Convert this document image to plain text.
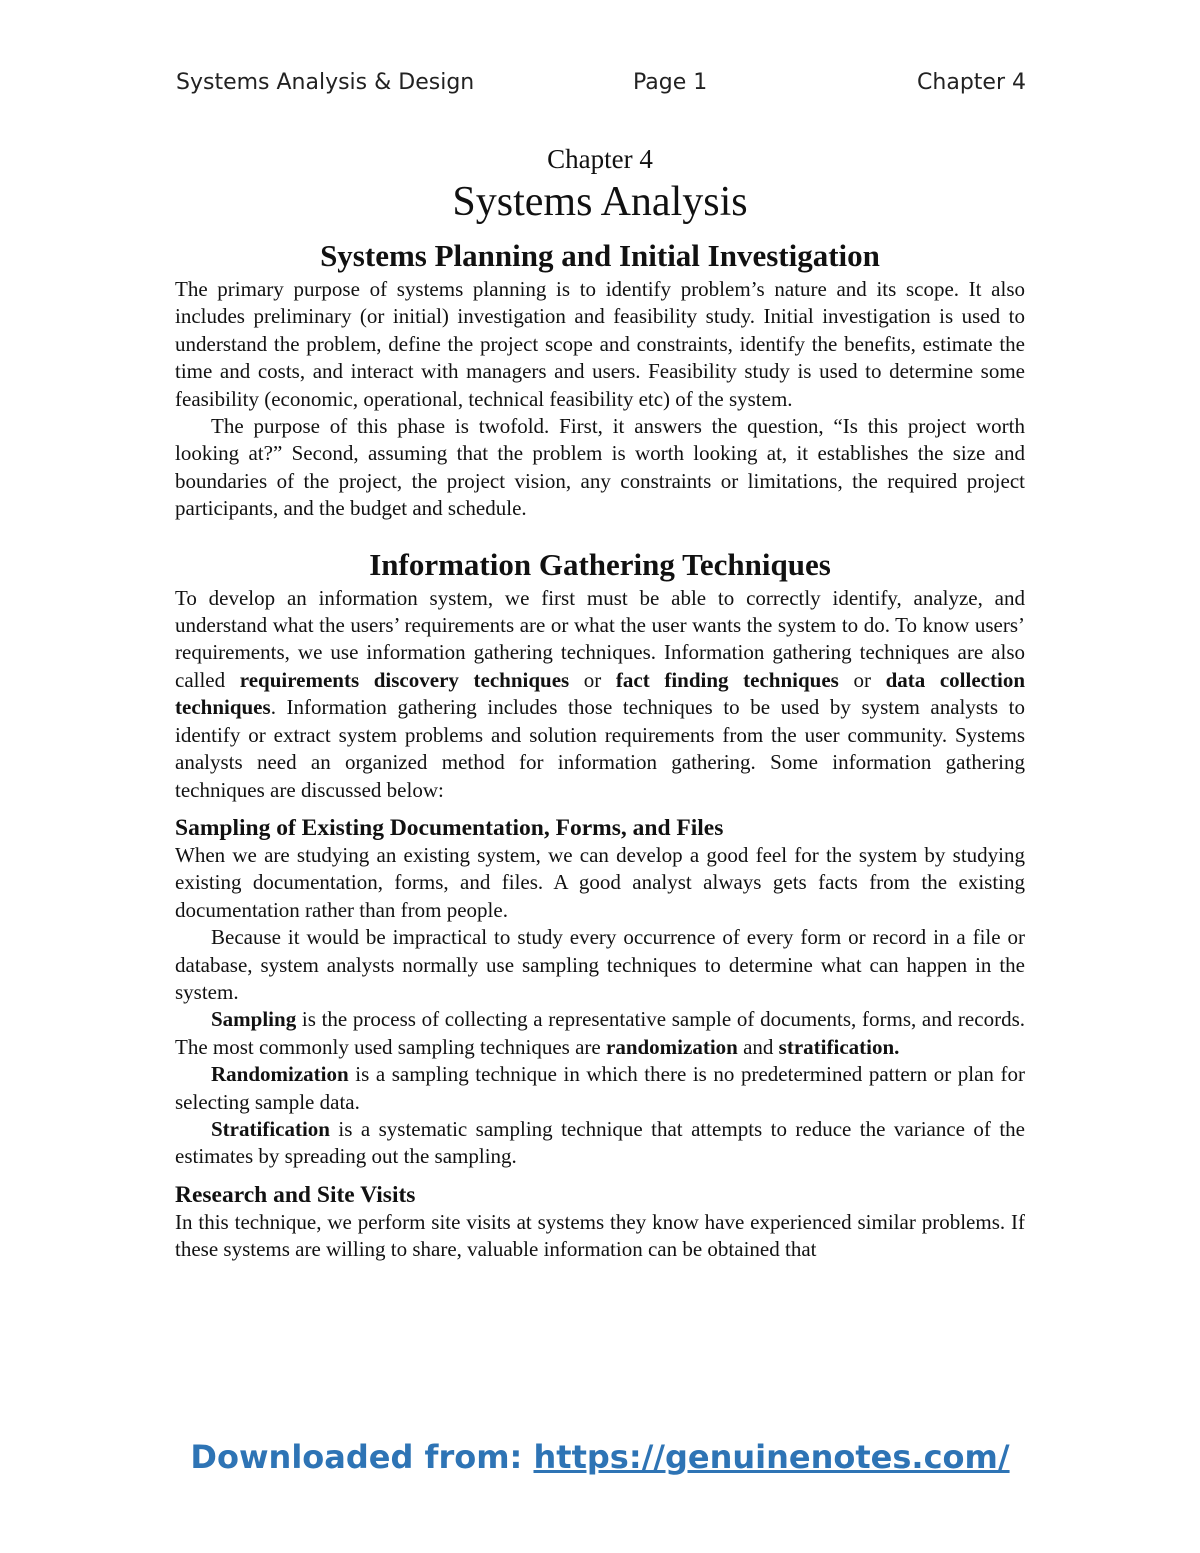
Systems Analysis & Design	Page 1	Chapter 4
Chapter 4
Systems Analysis
Systems Planning and Initial Investigation

The primary purpose of systems planning is to identify problem’s nature and its scope. It also includes preliminary (or initial) investigation and feasibility study. Initial investigation is used to understand the problem, define the project scope and constraints, identify the benefits, estimate the time and costs, and interact with managers and users. Feasibility study is used to determine some feasibility (economic, operational, technical feasibility etc) of the system.

The purpose of this phase is twofold. First, it answers the question, “Is this project worth looking at?” Second, assuming that the problem is worth looking at, it establishes the size and boundaries of the project, the project vision, any constraints or limitations, the required project participants, and the budget and schedule.

Information Gathering Techniques

To develop an information system, we first must be able to correctly identify, analyze, and understand what the users’ requirements are or what the user wants the system to do. To know users’ requirements, we use information gathering techniques. Information gathering techniques are also called requirements discovery techniques or fact finding techniques or data collection techniques. Information gathering includes those techniques to be used by system analysts to identify or extract system problems and solution requirements from the user community. Systems analysts need an organized method for information gathering. Some information gathering techniques are discussed below:

Sampling of Existing Documentation, Forms, and Files

When we are studying an existing system, we can develop a good feel for the system by studying existing documentation, forms, and files. A good analyst always gets facts from the existing documentation rather than from people.

Because it would be impractical to study every occurrence of every form or record in a file or database, system analysts normally use sampling techniques to determine what can happen in the system.

Sampling is the process of collecting a representative sample of documents, forms, and records. The most commonly used sampling techniques are randomization and stratification.

Randomization is a sampling technique in which there is no predetermined pattern or plan for selecting sample data.

Stratification is a systematic sampling technique that attempts to reduce the variance of the estimates by spreading out the sampling.

Research and Site Visits

In this technique, we perform site visits at systems they know have experienced similar problems. If these systems are willing to share, valuable information can be obtained that

Downloaded from: https://genuinenotes.com/
